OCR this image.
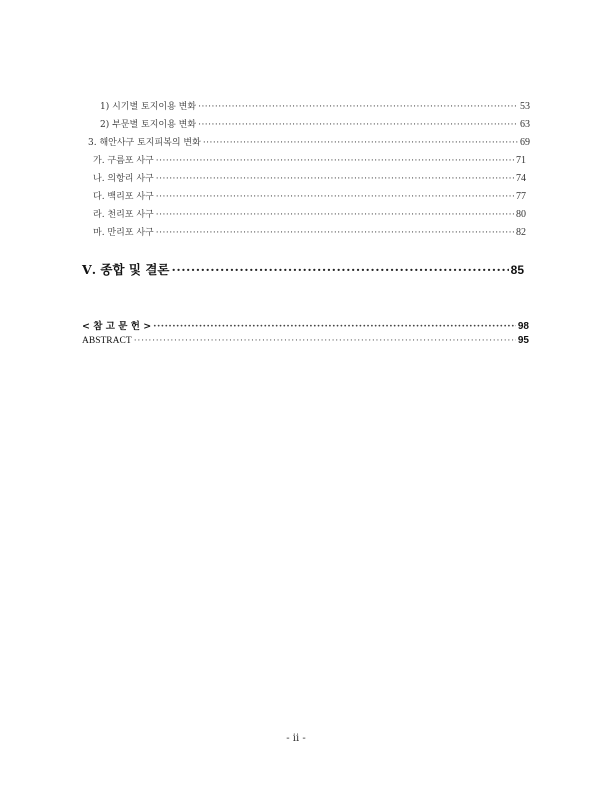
1) 시기별 토지이용 변화 ·····	53
2) 부문별 토지이용 변화 ·····	63
3. 해안사구 토지피복의 변화 ·····	69
가. 구름포 사구 ·····	71
나. 의항리 사구 ·····	74
다. 백리포 사구 ·····	77
라. 천리포 사구 ·····	80
마. 만리포 사구 ·····	82
Ⅴ. 종합 및 결론 ·····	85
< 참 고 문 헌 > ·····	98
ABSTRACT ·····	95
- ii -
